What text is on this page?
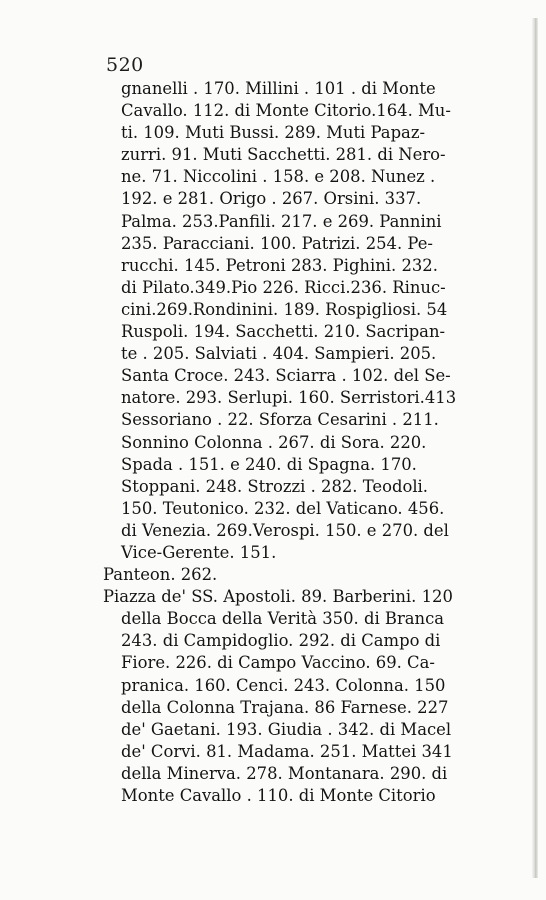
520
gnanelli . 170. Millini . 101 . di Monte
Cavallo. 112. di Monte Citorio.164. Mu-
ti. 109. Muti Bussi. 289. Muti Papaz-
zurri. 91. Muti Sacchetti. 281. di Nero-
ne. 71. Niccolini . 158. e 208. Nunez .
192. e 281. Origo . 267. Orsini. 337.
Palma. 253.Panfili. 217. e 269. Pannini
235. Paracciani. 100. Patrizi. 254. Pe-
rucchi. 145. Petroni 283. Pighini. 232.
di Pilato.349.Pio 226. Ricci.236. Rinuc-
cini.269.Rondinini. 189. Rospigliosi. 54
Ruspoli. 194. Sacchetti. 210. Sacripan-
te . 205. Salviati . 404. Sampieri. 205.
Santa Croce. 243. Sciarra . 102. del Se-
natore. 293. Serlupi. 160. Serristori.413
Sessoriano . 22. Sforza Cesarini . 211.
Sonnino Colonna . 267. di Sora. 220.
Spada . 151. e 240. di Spagna. 170.
Stoppani. 248. Strozzi . 282. Teodoli.
150. Teutonico. 232. del Vaticano. 456.
di Venezia. 269.Verospi. 150. e 270. del
Vice-Gerente. 151.
Panteon. 262.
Piazza de' SS. Apostoli. 89. Barberini. 120
della Bocca della Verità 350. di Branca
243. di Campidoglio. 292. di Campo di
Fiore. 226. di Campo Vaccino. 69. Ca-
pranica. 160. Cenci. 243. Colonna. 150
della Colonna Trajana. 86 Farnese. 227
de' Gaetani. 193. Giudia . 342. di Macel
de' Corvi. 81. Madama. 251. Mattei 341
della Minerva. 278. Montanara. 290. di
Monte Cavallo . 110. di Monte Citorio
